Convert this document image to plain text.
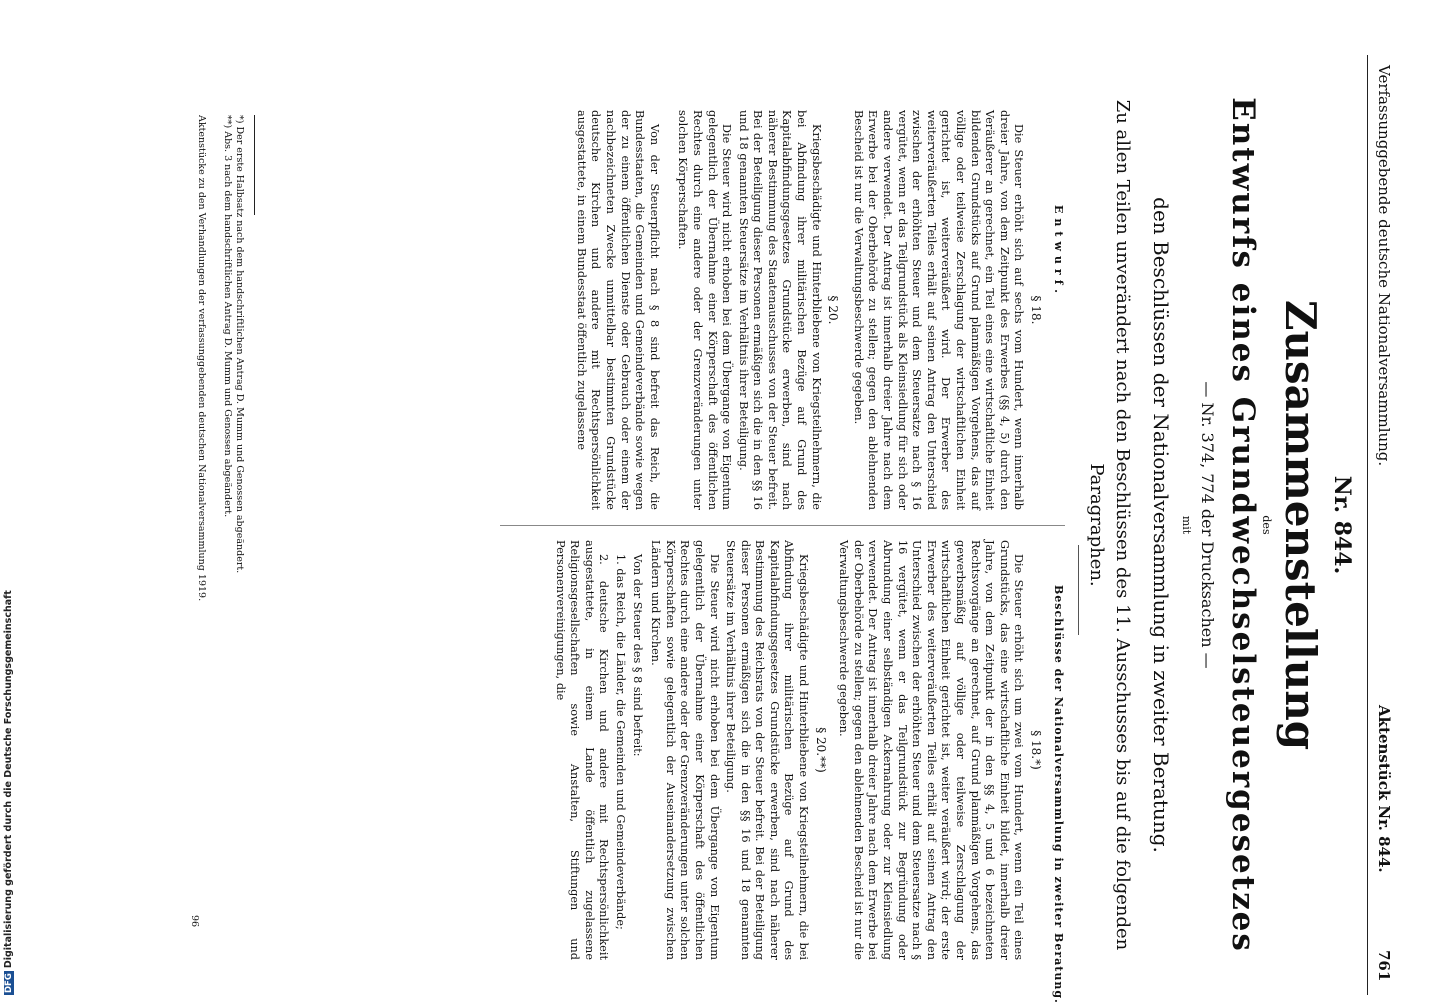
DFGDigitalisierung gefördert durch die Deutsche Forschungsgemeinschaft
Verfassunggebende deutsche Nationalversammlung.
Aktenstück Nr. 844.
761
Nr. 844.
Zusammenstellung
des
Entwurfs eines Grundwechselsteuergesetzes
— Nr. 374, 774 der Drucksachen —
mit
den Beschlüssen der Nationalversammlung in zweiter Beratung.
Zu allen Teilen unverändert nach den Beschlüssen des 11. Ausschusses bis auf die folgenden
Paragraphen.
Entwurf.
Beschlüsse der Nationalversammlung in zweiter Beratung.
§ 18.

Die Steuer erhöht sich auf sechs vom Hundert, wenn innerhalb dreier Jahre, von dem Zeitpunkt des Erwerbes (§§ 4, 5) durch den Veräußerer an gerechnet, ein Teil eines eine wirtschaftliche Einheit bildenden Grundstücks auf Grund planmäßigen Vorgehens, das auf völlige oder teilweise Zerschlagung der wirtschaftlichen Einheit gerichtet ist, weiterveräußert wird. Der Erwerber des weiterveräußerten Teiles erhält auf seinen Antrag den Unterschied zwischen der erhöhten Steuer und dem Steuersatze nach § 16 vergütet, wenn er das Teilgrundstück als Kleinsiedlung für sich oder andere verwendet. Der Antrag ist innerhalb dreier Jahre nach dem Erwerbe bei der Oberbehörde zu stellen; gegen den ablehnenden Bescheid ist nur die Verwaltungsbeschwerde gegeben.

§ 20.

Kriegsbeschädigte und Hinterbliebene von Kriegsteilnehmern, die bei Abfindung ihrer militärischen Bezüge auf Grund des Kapitalabfindungsgesetzes Grundstücke erwerben, sind nach näherer Bestimmung des Staatenausschusses von der Steuer befreit. Bei der Beteiligung dieser Personen ermäßigen sich die in den §§ 16 und 18 genannten Steuersätze im Verhältnis ihrer Beteiligung.

Die Steuer wird nicht erhoben bei dem Übergange von Eigentum gelegentlich der Übernahme einer Körperschaft des öffentlichen Rechtes durch eine andere oder der Grenzveränderungen unter solchen Körperschaften.

Von der Steuerpflicht nach § 8 sind befreit das Reich, die Bundesstaaten, die Gemeinden und Gemeindeverbände sowie wegen der zu einem öffentlichen Dienste oder Gebrauch oder einem der nachbezeichneten Zwecke unmittelbar bestimmten Grundstücke deutsche Kirchen und andere mit Rechtspersönlichkeit ausgestattete, in einem Bundesstaat öffentlich zugelassene

§ 18.*)

Die Steuer erhöht sich um zwei vom Hundert, wenn ein Teil eines Grundstücks, das eine wirtschaftliche Einheit bildet, innerhalb dreier Jahre, von dem Zeitpunkt der in den §§ 4, 5 und 6 bezeichneten Rechtsvorgänge an gerechnet, auf Grund planmäßigen Vorgehens, das gewerbsmäßig auf völlige oder teilweise Zerschlagung der wirtschaftlichen Einheit gerichtet ist, weiter veräußert wird; der erste Erwerber des weiterveräußerten Teiles erhält auf seinen Antrag den Unterschied zwischen der erhöhten Steuer und dem Steuersatze nach § 16 vergütet, wenn er das Teilgrundstück zur Begründung oder Abrundung einer selbständigen Ackernahrung oder zur Kleinsiedlung verwendet. Der Antrag ist innerhalb dreier Jahre nach dem Erwerbe bei der Oberbehörde zu stellen; gegen den ablehnenden Bescheid ist nur die Verwaltungsbeschwerde gegeben.

§ 20.**)

Kriegsbeschädigte und Hinterbliebene von Kriegsteilnehmern, die bei Abfindung ihrer militärischen Bezüge auf Grund des Kapitalabfindungsgesetzes Grundstücke erwerben, sind nach näherer Bestimmung des Reichsrats von der Steuer befreit. Bei der Beteiligung dieser Personen ermäßigen sich die in den §§ 16 und 18 genannten Steuersätze im Verhältnis ihrer Beteiligung.

Die Steuer wird nicht erhoben bei dem Übergange von Eigentum gelegentlich der Übernahme einer Körperschaft des öffentlichen Rechtes durch eine andere oder der Grenzveränderungen unter solchen Körperschaften sowie gelegentlich der Auseinandersetzung zwischen Ländern und Kirchen.

Von der Steuer des § 8 sind befreit:

1. das Reich, die Länder, die Gemeinden und Gemeindeverbände;

2. deutsche Kirchen und andere mit Rechtspersönlichkeit ausgestattete, in einem Lande öffentlich zugelassene Religionsgesellschaften sowie Anstalten, Stiftungen und Personenvereinigungen, die

*) Der erste Halbsatz nach dem handschriftlichen Antrag D. Mumm und Genossen abgeändert.
**) Abs. 3 nach dem handschriftlichen Antrag D. Mumm und Genossen abgeändert.
Aktenstücke zu den Verhandlungen der verfassunggebenden deutschen Nationalversammlung 1919.
96
